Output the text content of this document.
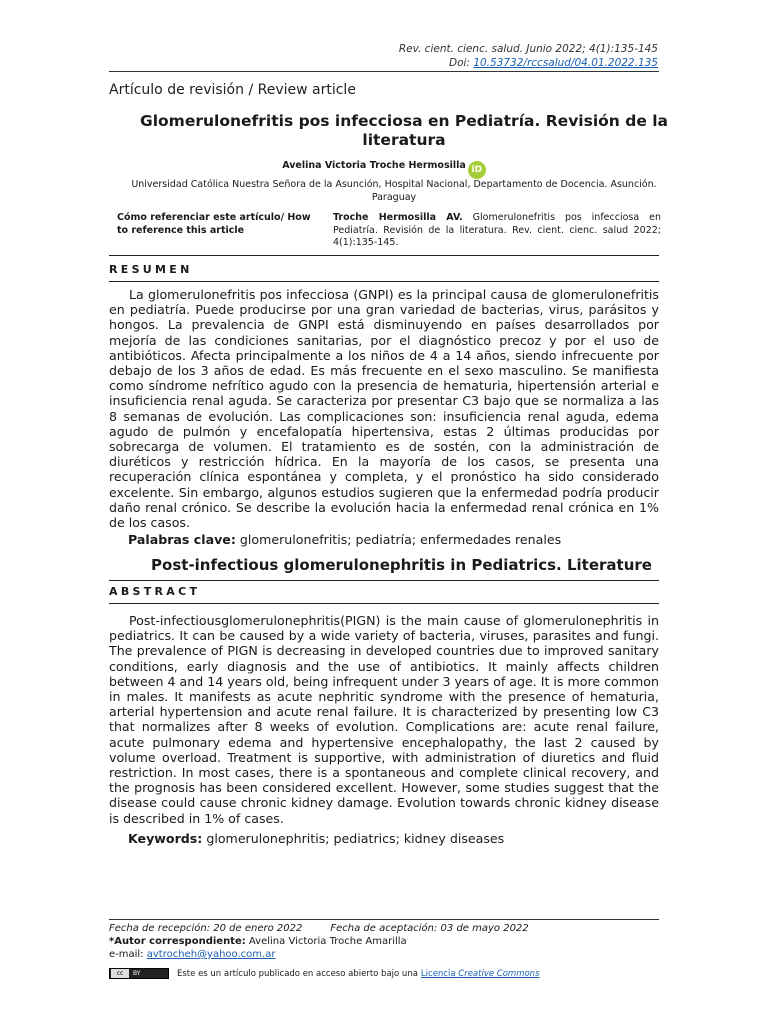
Rev. cient. cienc. salud. Junio 2022; 4(1):135-145
Doi: 10.53732/rccsalud/04.01.2022.135
Artículo de revisión / Review article
Glomerulonefritis pos infecciosa en Pediatría. Revisión de la literatura
Avelina Victoria Troche Hermosilla iD
Universidad Católica Nuestra Señora de la Asunción, Hospital Nacional, Departamento de Docencia. Asunción. Paraguay
Cómo referenciar este artículo/ How to reference this article
Troche Hermosilla AV. Glomerulonefritis pos infecciosa en Pediatría. Revisión de la literatura. Rev. cient. cienc. salud 2022; 4(1):135-145.
RESUMEN
La glomerulonefritis pos infecciosa (GNPI) es la principal causa de glomerulonefritis en pediatría. Puede producirse por una gran variedad de bacterias, virus, parásitos y hongos. La prevalencia de GNPI está disminuyendo en países desarrollados por mejoría de las condiciones sanitarias, por el diagnóstico precoz y por el uso de antibióticos. Afecta principalmente a los niños de 4 a 14 años, siendo infrecuente por debajo de los 3 años de edad. Es más frecuente en el sexo masculino. Se manifiesta como síndrome nefrítico agudo con la presencia de hematuria, hipertensión arterial e insuficiencia renal aguda. Se caracteriza por presentar C3 bajo que se normaliza a las 8 semanas de evolución. Las complicaciones son: insuficiencia renal aguda, edema agudo de pulmón y encefalopatía hipertensiva, estas 2 últimas producidas por sobrecarga de volumen. El tratamiento es de sostén, con la administración de diuréticos y restricción hídrica. En la mayoría de los casos, se presenta una recuperación clínica espontánea y completa, y el pronóstico ha sido considerado excelente. Sin embargo, algunos estudios sugieren que la enfermedad podría producir daño renal crónico. Se describe la evolución hacia la enfermedad renal crónica en 1% de los casos.
Palabras clave: glomerulonefritis; pediatría; enfermedades renales
Post-infectious glomerulonephritis in Pediatrics. Literature
ABSTRACT
Post-infectiousglomerulonephritis(PIGN) is the main cause of glomerulonephritis in pediatrics. It can be caused by a wide variety of bacteria, viruses, parasites and fungi. The prevalence of PIGN is decreasing in developed countries due to improved sanitary conditions, early diagnosis and the use of antibiotics. It mainly affects children between 4 and 14 years old, being infrequent under 3 years of age. It is more common in males. It manifests as acute nephritic syndrome with the presence of hematuria, arterial hypertension and acute renal failure. It is characterized by presenting low C3 that normalizes after 8 weeks of evolution. Complications are: acute renal failure, acute pulmonary edema and hypertensive encephalopathy, the last 2 caused by volume overload. Treatment is supportive, with administration of diuretics and fluid restriction. In most cases, there is a spontaneous and complete clinical recovery, and the prognosis has been considered excellent. However, some studies suggest that the disease could cause chronic kidney damage. Evolution towards chronic kidney disease is described in 1% of cases.
Keywords: glomerulonephritis; pediatrics; kidney diseases
Fecha de recepción: 20 de enero 2022	Fecha de aceptación: 03 de mayo 2022
*Autor correspondiente: Avelina Victoria Troche Amarilla
e-mail: avtrocheh@yahoo.com.ar
cc	BY	Este es un artículo publicado en acceso abierto bajo una Licencia Creative Commons
